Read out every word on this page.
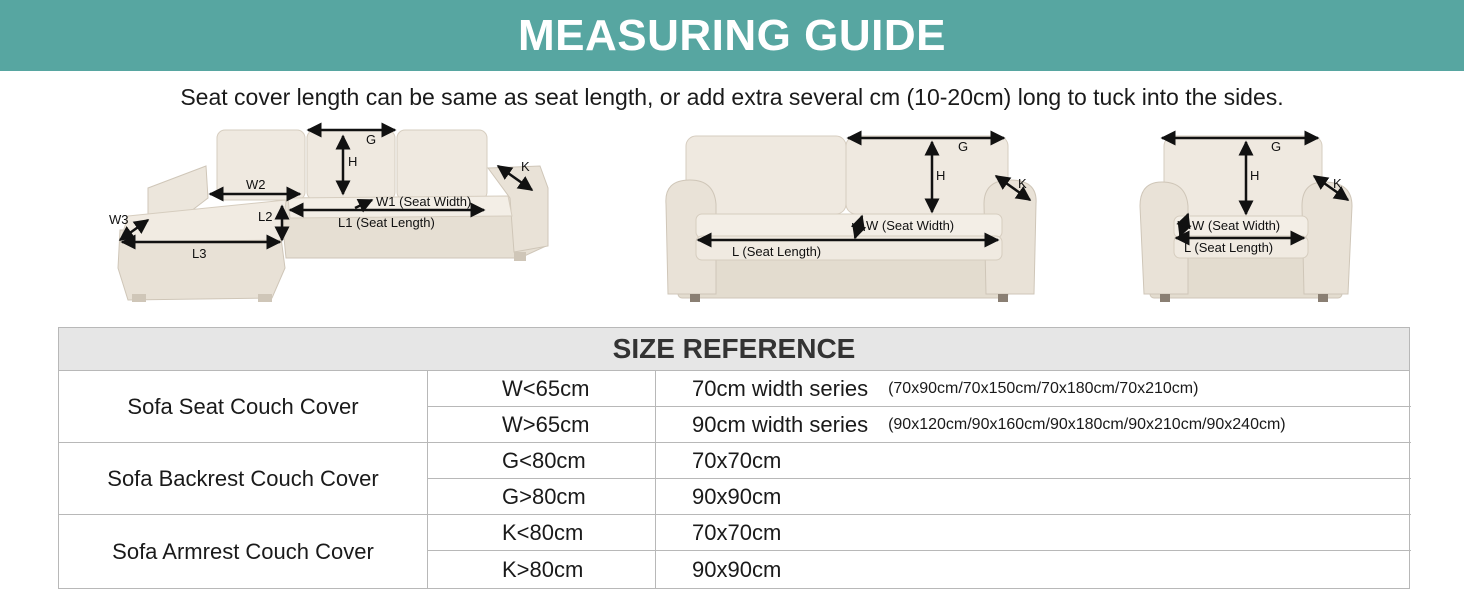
MEASURING GUIDE
Seat cover length can be same as seat length, or add extra several cm (10-20cm) long to tuck into the sides.
G
H	K
W2
W1 (Seat Width)
W3	L2	L1 (Seat Length)
L3
G
H
K
W (Seat Width)
L (Seat Length)
G
H
K
W (Seat Width)
L (Seat Length)
SIZE REFERENCE
Sofa Seat Couch Cover
W<65cm	70cm width series (70x90cm/70x150cm/70x180cm/70x210cm)
W>65cm	90cm width series (90x120cm/90x160cm/90x180cm/90x210cm/90x240cm)
Sofa Backrest Couch Cover
G<80cm	70x70cm
G>80cm	90x90cm
Sofa Armrest Couch Cover
K<80cm	70x70cm
K>80cm	90x90cm
